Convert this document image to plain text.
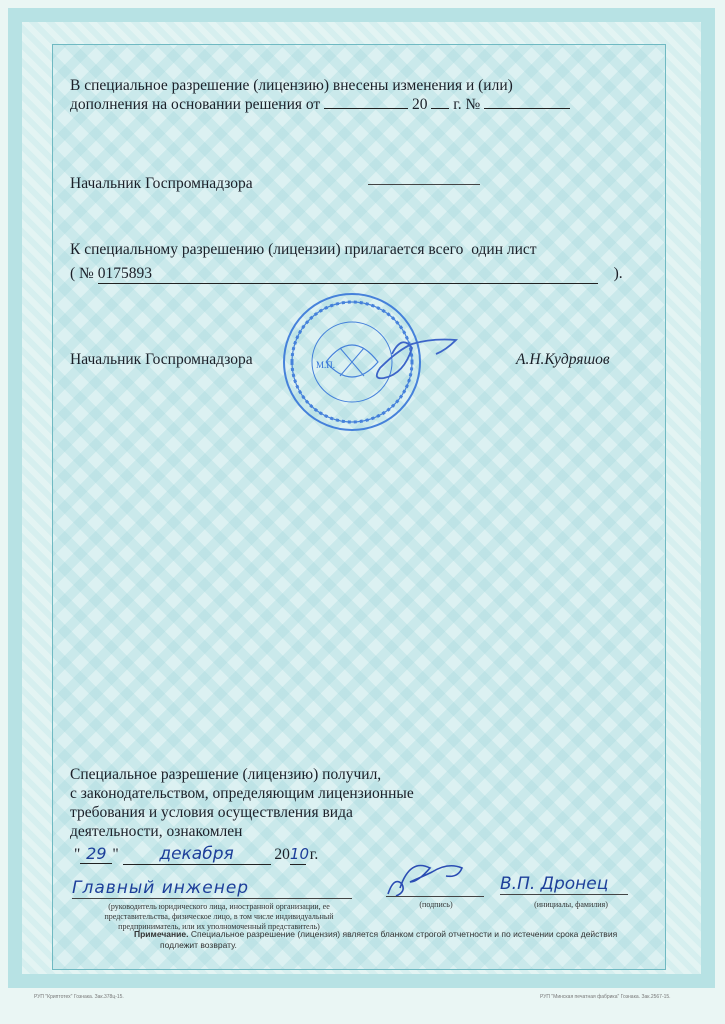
В специальное разрешение (лицензию) внесены изменения и (или)
дополнения на основании решения от	20 г. №
Начальник Госпромнадзора
К специальному разрешению (лицензии) прилагается всего один лист
( № 0175893	).
Начальник Госпромнадзора	А.Н.Кудряшов
М.П.
Специальное разрешение (лицензию) получил,
с законодательством, определяющим лицензионные
требования и условия осуществления вида
деятельности, ознакомлен
" 29 " декабря	2010 г.
Главный инженер
(руководитель юридического лица, иностранной организации, ее
представительства, физическое лицо, в том числе индивидуальный
предприниматель, или их уполномоченный представитель)
(подпись)
В.П. Дронец
(инициалы, фамилия)
Примечание. Специальное разрешение (лицензия) является бланком строгой отчетности и по истечении срока действия
подлежит возврату.
РУП "Криптотех" Гознака. Зак.378ц-15.	РУП "Минская печатная фабрика" Гознака. Зак.2567-15.
